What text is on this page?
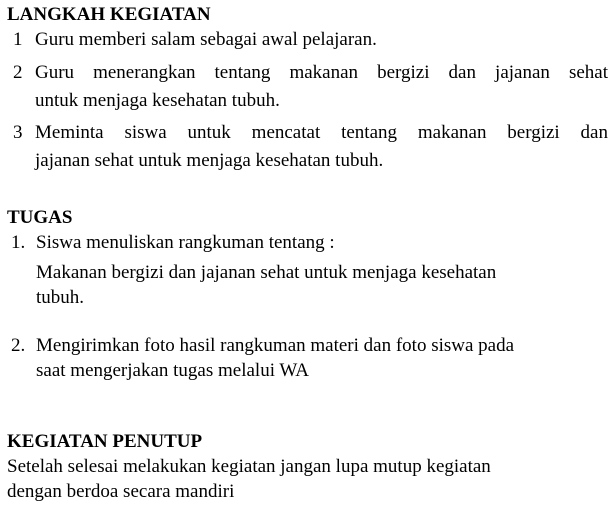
LANGKAH KEGIATAN
1 Guru memberi salam sebagai awal pelajaran.
2 Guru menerangkan tentang makanan bergizi dan jajanan sehat
untuk menjaga kesehatan tubuh.
3 Meminta siswa untuk mencatat tentang makanan bergizi dan
jajanan sehat untuk menjaga kesehatan tubuh.
TUGAS
1. Siswa menuliskan rangkuman tentang :
Makanan bergizi dan jajanan sehat untuk menjaga kesehatan
tubuh.
2. Mengirimkan foto hasil rangkuman materi dan foto siswa pada
saat mengerjakan tugas melalui WA
KEGIATAN PENUTUP
Setelah selesai melakukan kegiatan jangan lupa mutup kegiatan
dengan berdoa secara mandiri
